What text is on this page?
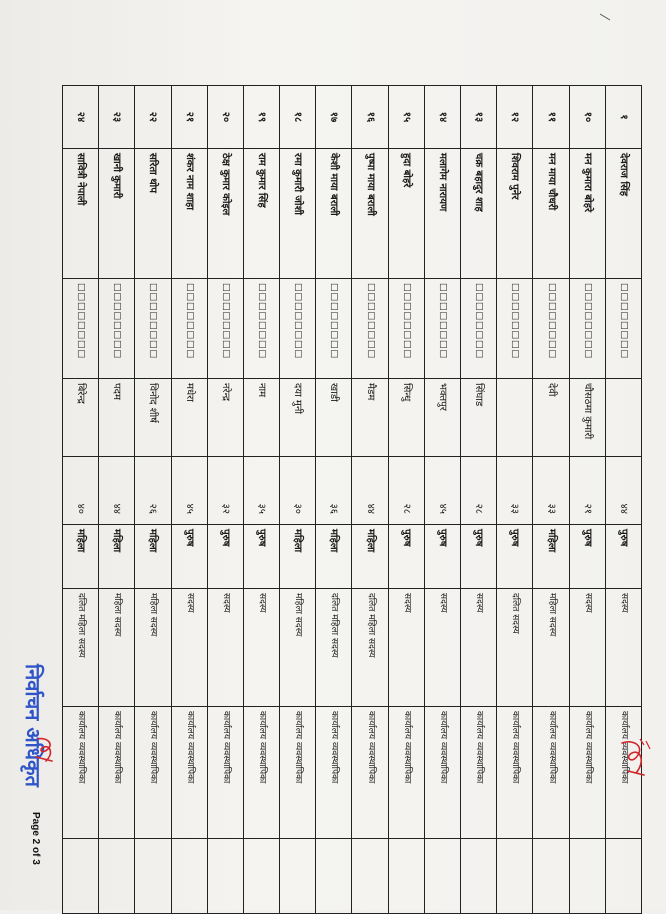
१	देवराज सिंह	□□□□□□□□		४४	पुरुष	सदस्य	कार्यालय व्यवस्थापिका	
१०	मन कुमारा बोहरे	□□□□□□□□	चौसठमा कुमारी	२१	पुरुष	सदस्य	कार्यालय व्यवस्थापिका	
११	मन माया चौधरी	□□□□□□□□	देवी	३३	महिला	महिला सदस्य	कार्यालय व्यवस्थापिका	
१२	शिवराम पुनेर	□□□□□□□□		३३	पुरुष	दलित सदस्य	कार्यालय व्यवस्थापिका	
१३	चक्र बहादुर शाह	□□□□□□□□	सिंघाड	२८	पुरुष	सदस्य	कार्यालय व्यवस्थापिका	
१४	मलागेम नारायण	□□□□□□□□	भक्तपुर	४५	पुरुष	सदस्य	कार्यालय व्यवस्थापिका	
१५	हुदा बोहरे	□□□□□□□□	सिन्धु	२८	पुरुष	सदस्य	कार्यालय व्यवस्थापिका	
१६	पुष्पा माया बराली	□□□□□□□□	मैडम	४४	महिला	दलित महिला सदस्य	कार्यालय व्यवस्थापिका	
१७	केशी माया बराली	□□□□□□□□	खाडी	३६	महिला	दलित महिला सदस्य	कार्यालय व्यवस्थापिका	
१८	रमा कुमारी जोशी	□□□□□□□□	दया मुनी	३०	महिला	महिला सदस्य	कार्यालय व्यवस्थापिका	
१९	राम कुमार सिंह	□□□□□□□□	नाम	३५	पुरुष	सदस्य	कार्यालय व्यवस्थापिका	
२०	ठेक्ष कुमार कोइल	□□□□□□□□	नरेन्द्र	३२	पुरुष	सदस्य	कार्यालय व्यवस्थापिका	
२१	शंकर नाम शाहा	□□□□□□□□	मधेरा	४५	पुरुष	सदस्य	कार्यालय व्यवस्थापिका	
२२	सरिता थोप	□□□□□□□□	विनोद शीर्ष	२६	महिला	महिला सदस्य	कार्यालय व्यवस्थापिका	
२३	खानी कुमारी	□□□□□□□□	पदम	४४	महिला	महिला सदस्य	कार्यालय व्यवस्थापिका	
२४	सावित्री नेपाली	□□□□□□□□	बिरेन्द्र	४०	महिला	दलित महिला सदस्य	कार्यालय व्यवस्थापिका	
निर्वाचन अधिकृत
Page 2 of 3
